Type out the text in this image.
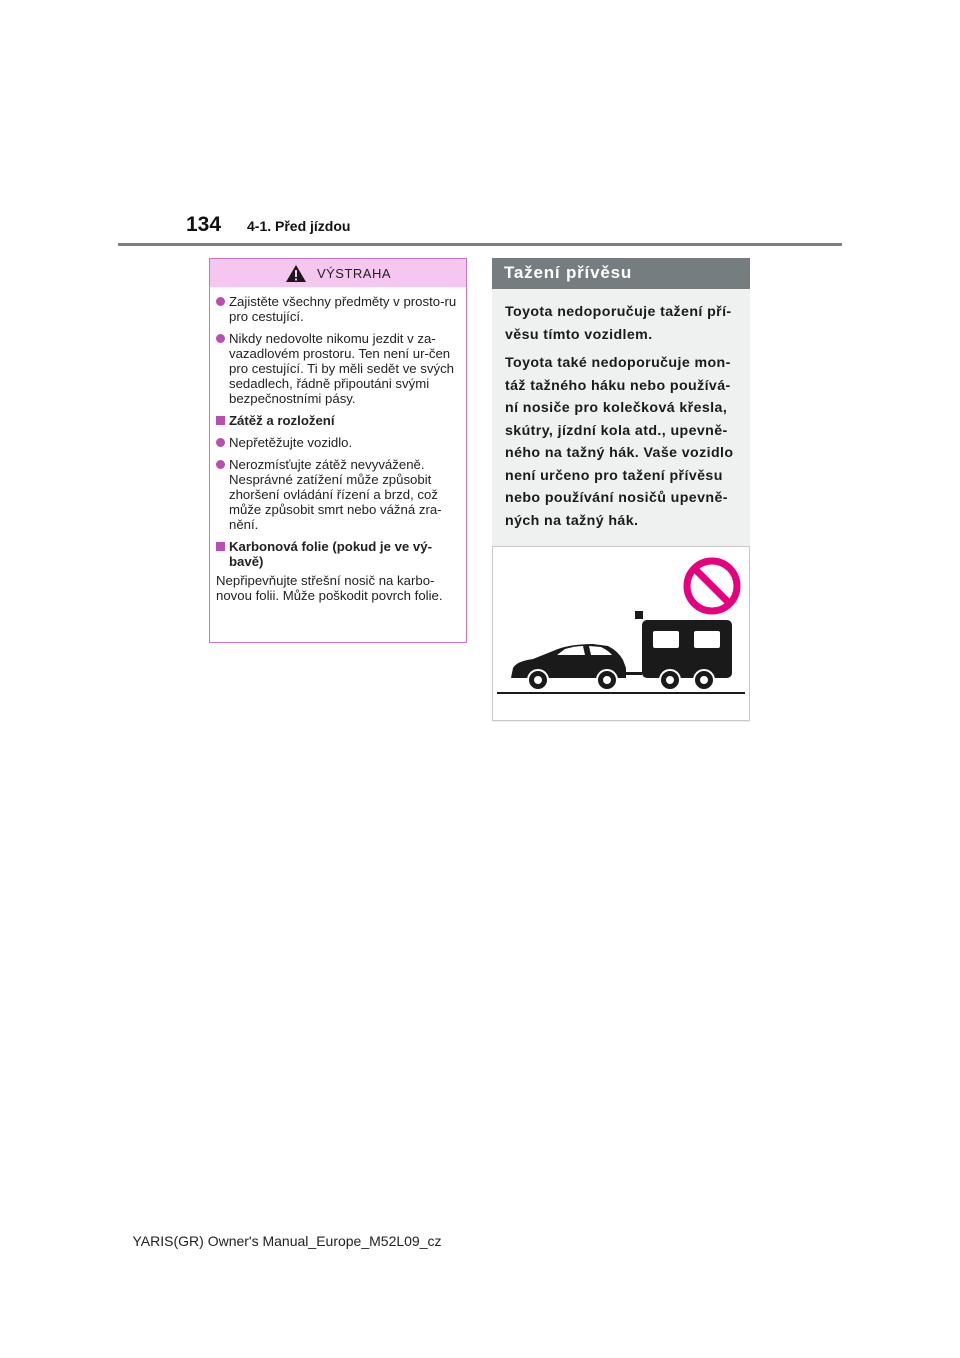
134 4-1. Před jízdou
VÝSTRAHA
Zajistěte všechny předměty v prosto-ru pro cestující.
Nikdy nedovolte nikomu jezdit v za-vazadlovém prostoru. Ten není ur-čen pro cestující. Ti by měli sedět ve svých sedadlech, řádně připoutáni svými bezpečnostními pásy.
Zátěž a rozložení
Nepřetěžujte vozidlo.
Nerozmísťujte zátěž nevyváženě. Nesprávné zatížení může způsobit zhoršení ovládání řízení a brzd, což může způsobit smrt nebo vážná zra-nění.
Karbonová folie (pokud je ve vý-bavě)
Nepřipevňujte střešní nosič na karbo-novou folii. Může poškodit povrch folie.
Tažení přívěsu

Toyota nedoporučuje tažení pří-věsu tímto vozidlem.

Toyota také nedoporučuje mon-táž tažného háku nebo používá-ní nosiče pro kolečková křesla, skútry, jízdní kola atd., upevně-ného na tažný hák. Vaše vozidlo není určeno pro tažení přívěsu nebo používání nosičů upevně-ných na tažný hák.

YARIS(GR) Owner's Manual_Europe_M52L09_cz
